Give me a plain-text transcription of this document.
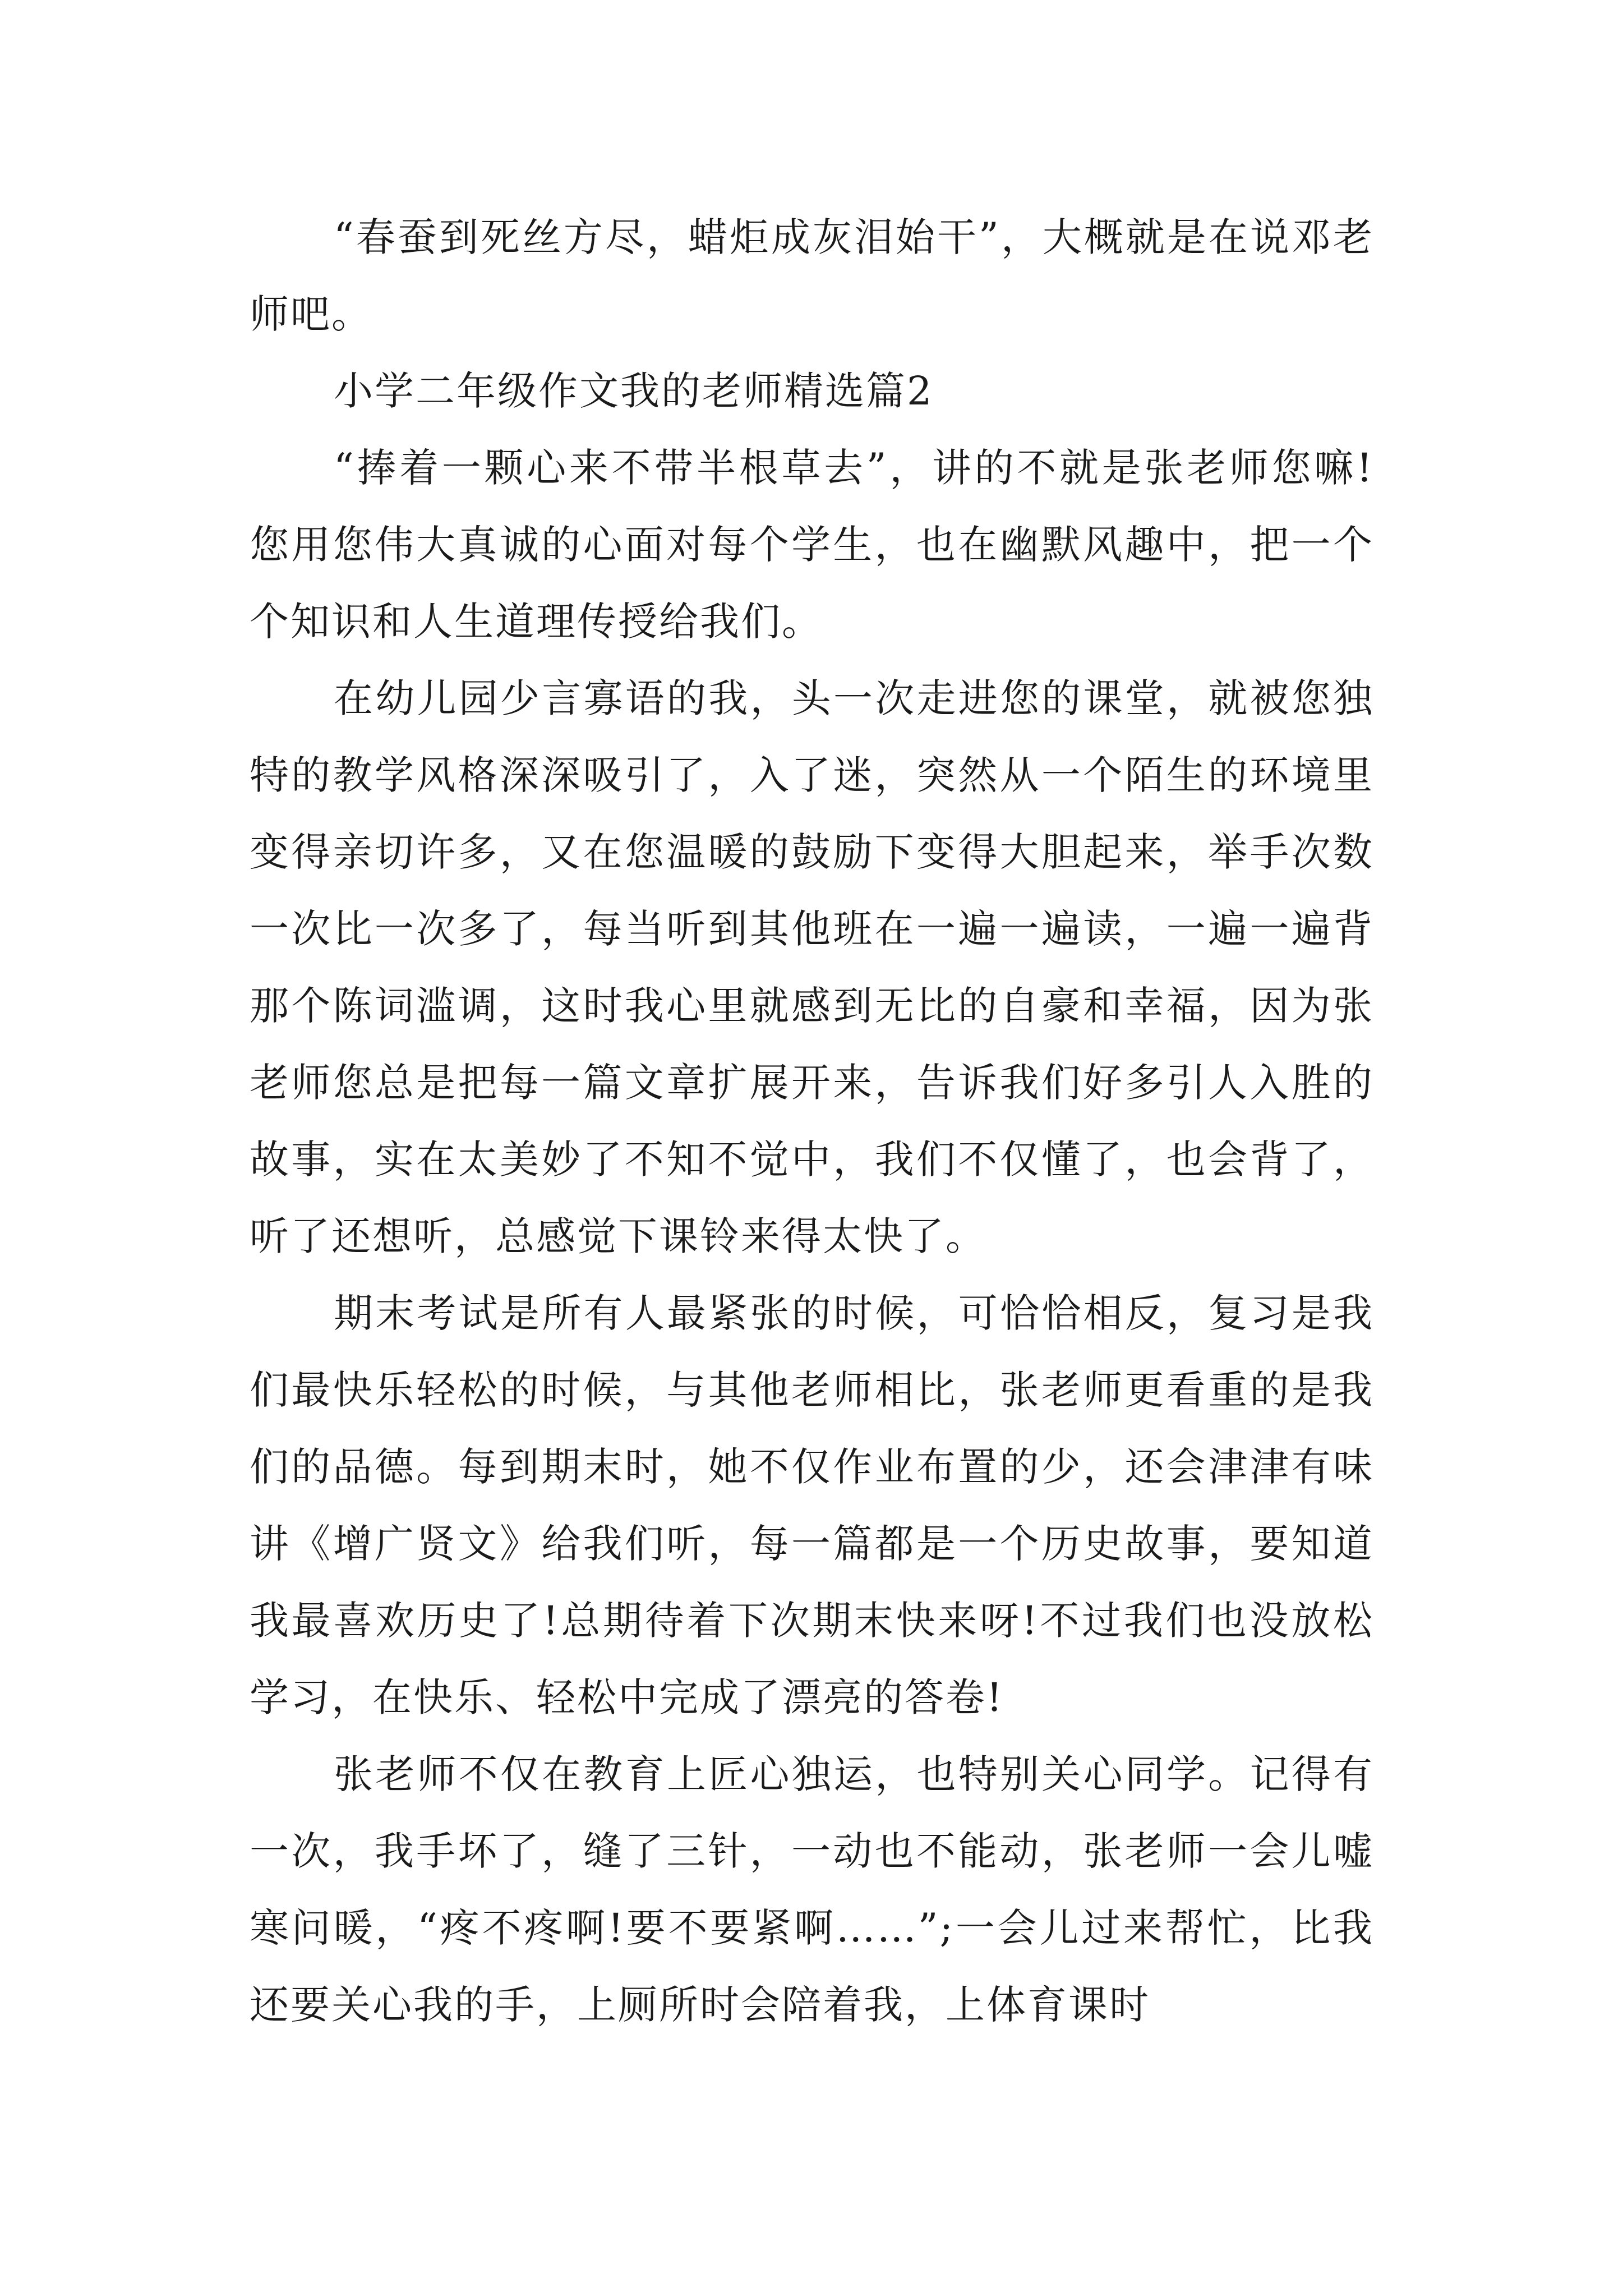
“春蚕到死丝方尽，蜡炬成灰泪始干”，大概就是在说邓老师吧。

小学二年级作文我的老师精选篇2

“捧着一颗心来不带半根草去”，讲的不就是张老师您嘛!您用您伟大真诚的心面对每个学生，也在幽默风趣中，把一个个知识和人生道理传授给我们。

在幼儿园少言寡语的我，头一次走进您的课堂，就被您独特的教学风格深深吸引了，入了迷，突然从一个陌生的环境里变得亲切许多，又在您温暖的鼓励下变得大胆起来，举手次数一次比一次多了，每当听到其他班在一遍一遍读，一遍一遍背那个陈词滥调，这时我心里就感到无比的自豪和幸福，因为张老师您总是把每一篇文章扩展开来，告诉我们好多引人入胜的故事，实在太美妙了不知不觉中，我们不仅懂了，也会背了，听了还想听，总感觉下课铃来得太快了。

期末考试是所有人最紧张的时候，可恰恰相反，复习是我们最快乐轻松的时候，与其他老师相比，张老师更看重的是我们的品德。每到期末时，她不仅作业布置的少，还会津津有味讲《增广贤文》给我们听，每一篇都是一个历史故事，要知道我最喜欢历史了!总期待着下次期末快来呀!不过我们也没放松学习，在快乐、轻松中完成了漂亮的答卷!

张老师不仅在教育上匠心独运，也特别关心同学。记得有一次，我手坏了，缝了三针，一动也不能动，张老师一会儿嘘寒问暖，“疼不疼啊!要不要紧啊……”;一会儿过来帮忙，比我还要关心我的手，上厕所时会陪着我，上体育课时
